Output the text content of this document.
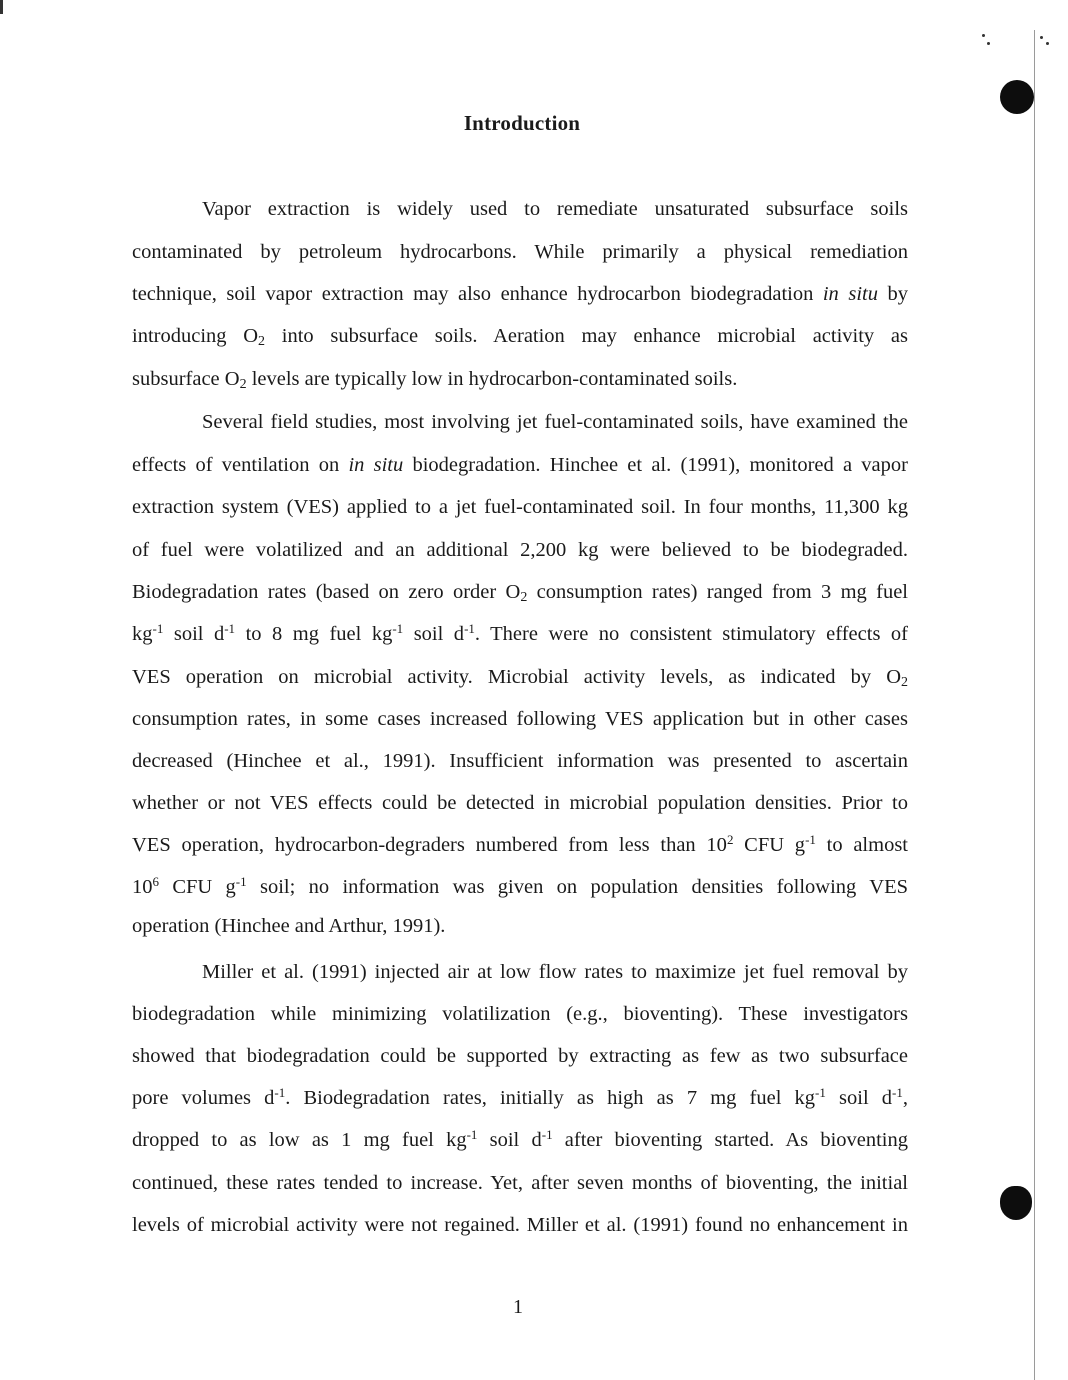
Introduction
Vapor extraction is widely used to remediate unsaturated subsurface soils
contaminated by petroleum hydrocarbons. While primarily a physical remediation
technique, soil vapor extraction may also enhance hydrocarbon biodegradation in situ by
introducing $O_2$ into subsurface soils. Aeration may enhance microbial activity as
subsurface $O_2$ levels are typically low in hydrocarbon-contaminated soils.
Several field studies, most involving jet fuel-contaminated soils, have examined the
effects of ventilation on in situ biodegradation. Hinchee et al. (1991), monitored a vapor
extraction system (VES) applied to a jet fuel-contaminated soil. In four months, 11,300 kg
of fuel were volatilized and an additional 2,200 kg were believed to be biodegraded.
Biodegradation rates (based on zero order $O_2$ consumption rates) ranged from 3 mg fuel
$kg^{-1}$ soil $d^{-1}$ to 8 mg fuel $kg^{-1}$ soil $d^{-1}$. There were no consistent stimulatory effects of
VES operation on microbial activity. Microbial activity levels, as indicated by $O_2$
consumption rates, in some cases increased following VES application but in other cases
decreased (Hinchee et al., 1991). Insufficient information was presented to ascertain
whether or not VES effects could be detected in microbial population densities. Prior to
VES operation, hydrocarbon-degraders numbered from less than $10^2$ CFU $g^{-1}$ to almost
$10^6$ CFU $g^{-1}$ soil; no information was given on population densities following VES
operation (Hinchee and Arthur, 1991).
Miller et al. (1991) injected air at low flow rates to maximize jet fuel removal by
biodegradation while minimizing volatilization (e.g., bioventing). These investigators
showed that biodegradation could be supported by extracting as few as two subsurface
pore volumes $d^{-1}$. Biodegradation rates, initially as high as 7 mg fuel $kg^{-1}$ soil $d^{-1}$,
dropped to as low as 1 mg fuel $kg^{-1}$ soil $d^{-1}$ after bioventing started. As bioventing
continued, these rates tended to increase. Yet, after seven months of bioventing, the initial
levels of microbial activity were not regained. Miller et al. (1991) found no enhancement in
1
